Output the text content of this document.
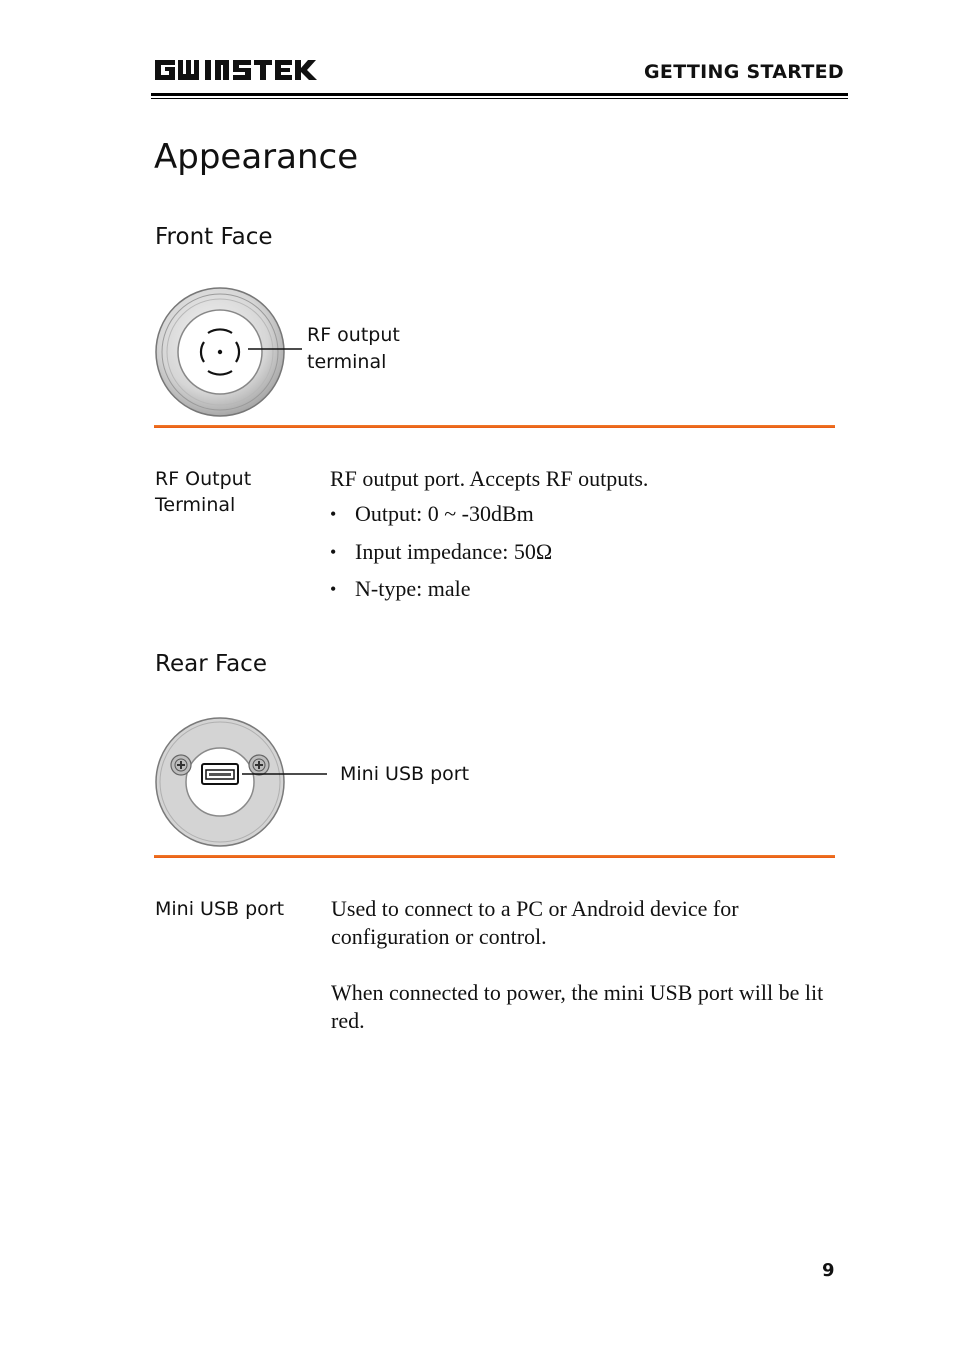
GETTING STARTED
Appearance
Front Face
RF output terminal
RF Output Terminal
RF output port. Accepts RF outputs.
• Output: 0 ~ -30dBm
• Input impedance: 50Ω
• N-type: male
Rear Face
Mini USB port
Mini USB port	Used to connect to a PC or Android device for configuration or control.
When connected to power, the mini USB port will be lit red.
9
